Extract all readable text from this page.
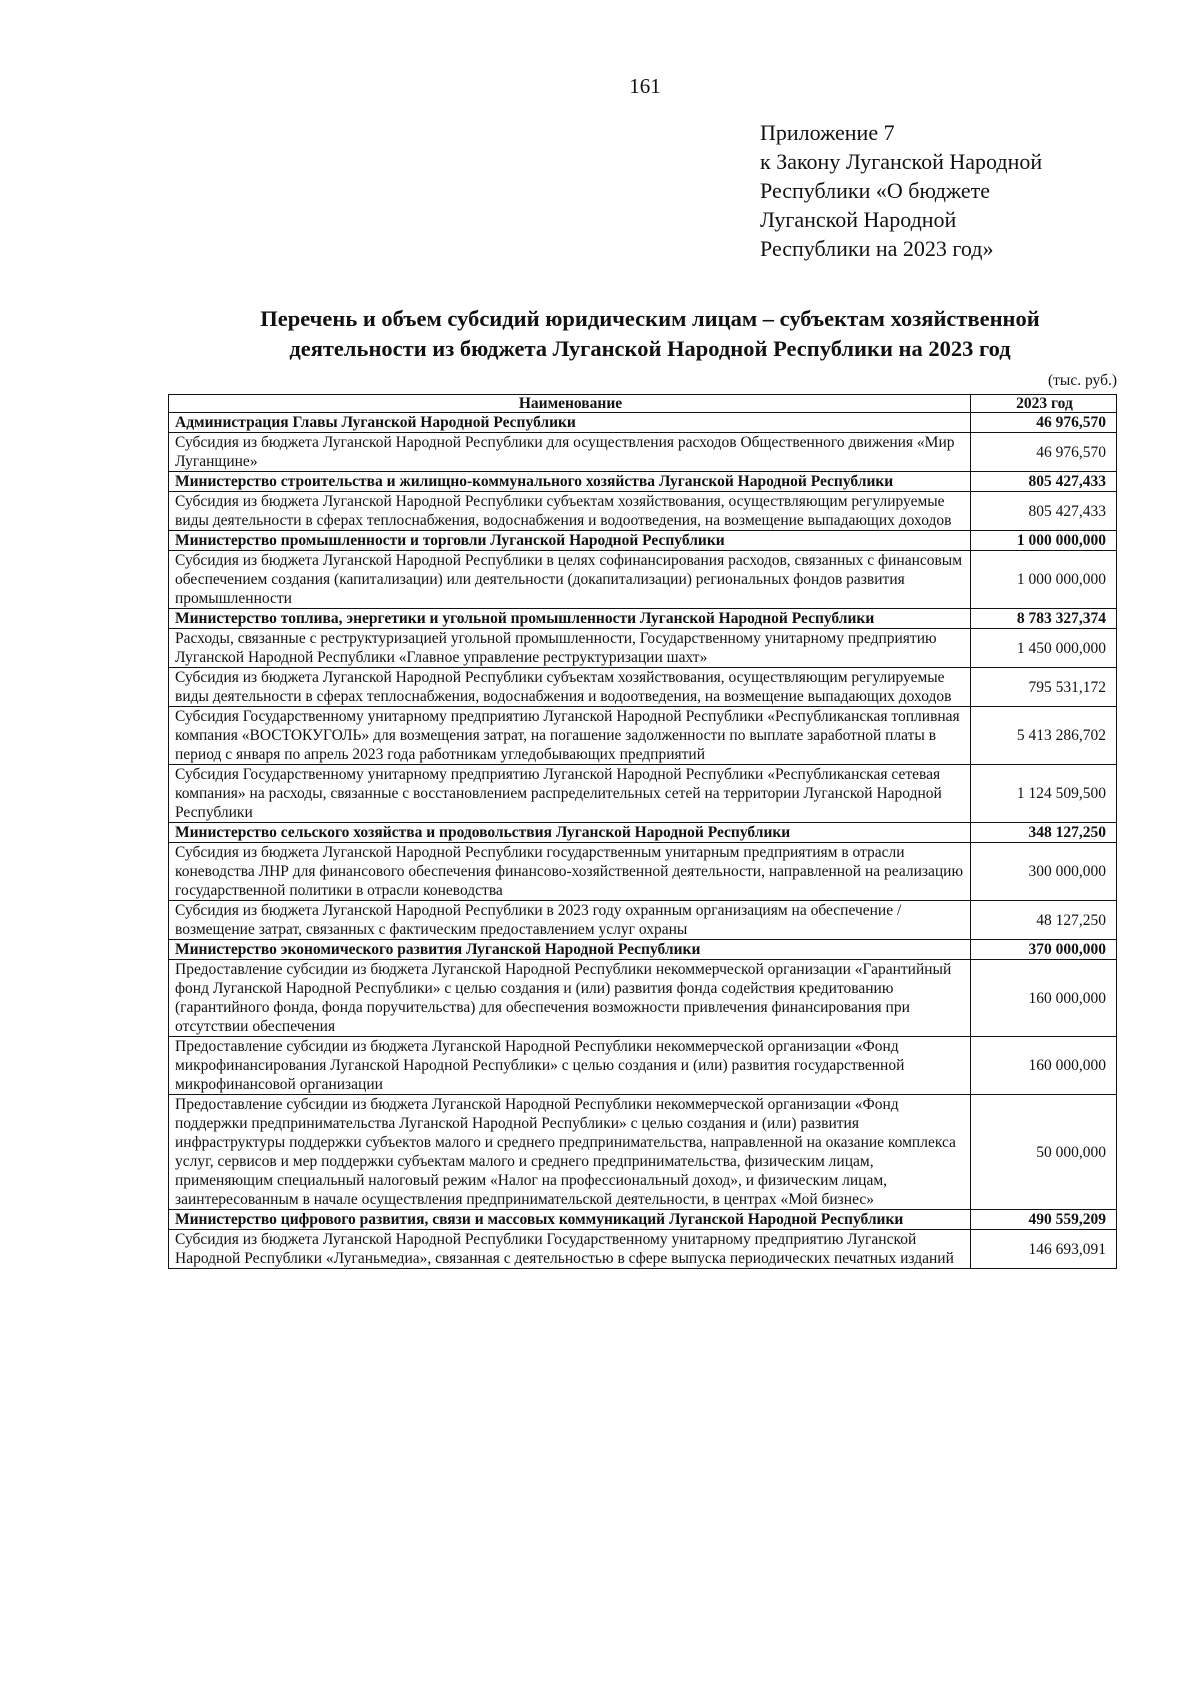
161
Приложение 7
к Закону Луганской Народной
Республики «О бюджете
Луганской Народной
Республики на 2023 год»
Перечень и объем субсидий юридическим лицам – субъектам хозяйственной
деятельности из бюджета Луганской Народной Республики на 2023 год
(тыс. руб.)
Наименование	2023 год
Администрация Главы Луганской Народной Республики	46 976,570
Субсидия из бюджета Луганской Народной Республики для осуществления расходов Общественного движения «Мир Луганщине»	46 976,570
Министерство строительства и жилищно-коммунального хозяйства Луганской Народной Республики	805 427,433
Субсидия из бюджета Луганской Народной Республики субъектам хозяйствования, осуществляющим регулируемые виды деятельности в сферах теплоснабжения, водоснабжения и водоотведения, на возмещение выпадающих доходов	805 427,433
Министерство промышленности и торговли Луганской Народной Республики	1 000 000,000
Субсидия из бюджета Луганской Народной Республики в целях софинансирования расходов, связанных с финансовым обеспечением создания (капитализации) или деятельности (докапитализации) региональных фондов развития промышленности	1 000 000,000
Министерство топлива, энергетики и угольной промышленности Луганской Народной Республики	8 783 327,374
Расходы, связанные с реструктуризацией угольной промышленности, Государственному унитарному предприятию Луганской Народной Республики «Главное управление реструктуризации шахт»	1 450 000,000
Субсидия из бюджета Луганской Народной Республики субъектам хозяйствования, осуществляющим регулируемые виды деятельности в сферах теплоснабжения, водоснабжения и водоотведения, на возмещение выпадающих доходов	795 531,172
Субсидия Государственному унитарному предприятию Луганской Народной Республики «Республиканская топливная компания «ВОСТОКУГОЛЬ» для возмещения затрат, на погашение задолженности по выплате заработной платы в период с января по апрель 2023 года работникам угледобывающих предприятий	5 413 286,702
Субсидия Государственному унитарному предприятию Луганской Народной Республики «Республиканская сетевая компания» на расходы, связанные с восстановлением распределительных сетей на территории Луганской Народной Республики	1 124 509,500
Министерство сельского хозяйства и продовольствия Луганской Народной Республики	348 127,250
Субсидия из бюджета Луганской Народной Республики государственным унитарным предприятиям в отрасли коневодства ЛНР для финансового обеспечения финансово-хозяйственной деятельности, направленной на реализацию государственной политики в отрасли коневодства	300 000,000
Субсидия из бюджета Луганской Народной Республики в 2023 году охранным организациям на обеспечение / возмещение затрат, связанных с фактическим предоставлением услуг охраны	48 127,250
Министерство экономического развития Луганской Народной Республики	370 000,000
Предоставление субсидии из бюджета Луганской Народной Республики некоммерческой организации «Гарантийный фонд Луганской Народной Республики» с целью создания и (или) развития фонда содействия кредитованию (гарантийного фонда, фонда поручительства) для обеспечения возможности привлечения финансирования при отсутствии обеспечения	160 000,000
Предоставление субсидии из бюджета Луганской Народной Республики некоммерческой организации «Фонд микрофинансирования Луганской Народной Республики» с целью создания и (или) развития государственной микрофинансовой организации	160 000,000
Предоставление субсидии из бюджета Луганской Народной Республики некоммерческой организации «Фонд поддержки предпринимательства Луганской Народной Республики» с целью создания и (или) развития инфраструктуры поддержки субъектов малого и среднего предпринимательства, направленной на оказание комплекса услуг, сервисов и мер поддержки субъектам малого и среднего предпринимательства, физическим лицам, применяющим специальный налоговый режим «Налог на профессиональный доход», и физическим лицам, заинтересованным в начале осуществления предпринимательской деятельности, в центрах «Мой бизнес»	50 000,000
Министерство цифрового развития, связи и массовых коммуникаций Луганской Народной Республики	490 559,209
Субсидия из бюджета Луганской Народной Республики Государственному унитарному предприятию Луганской Народной Республики «Луганьмедиа», связанная с деятельностью в сфере выпуска периодических печатных изданий	146 693,091
